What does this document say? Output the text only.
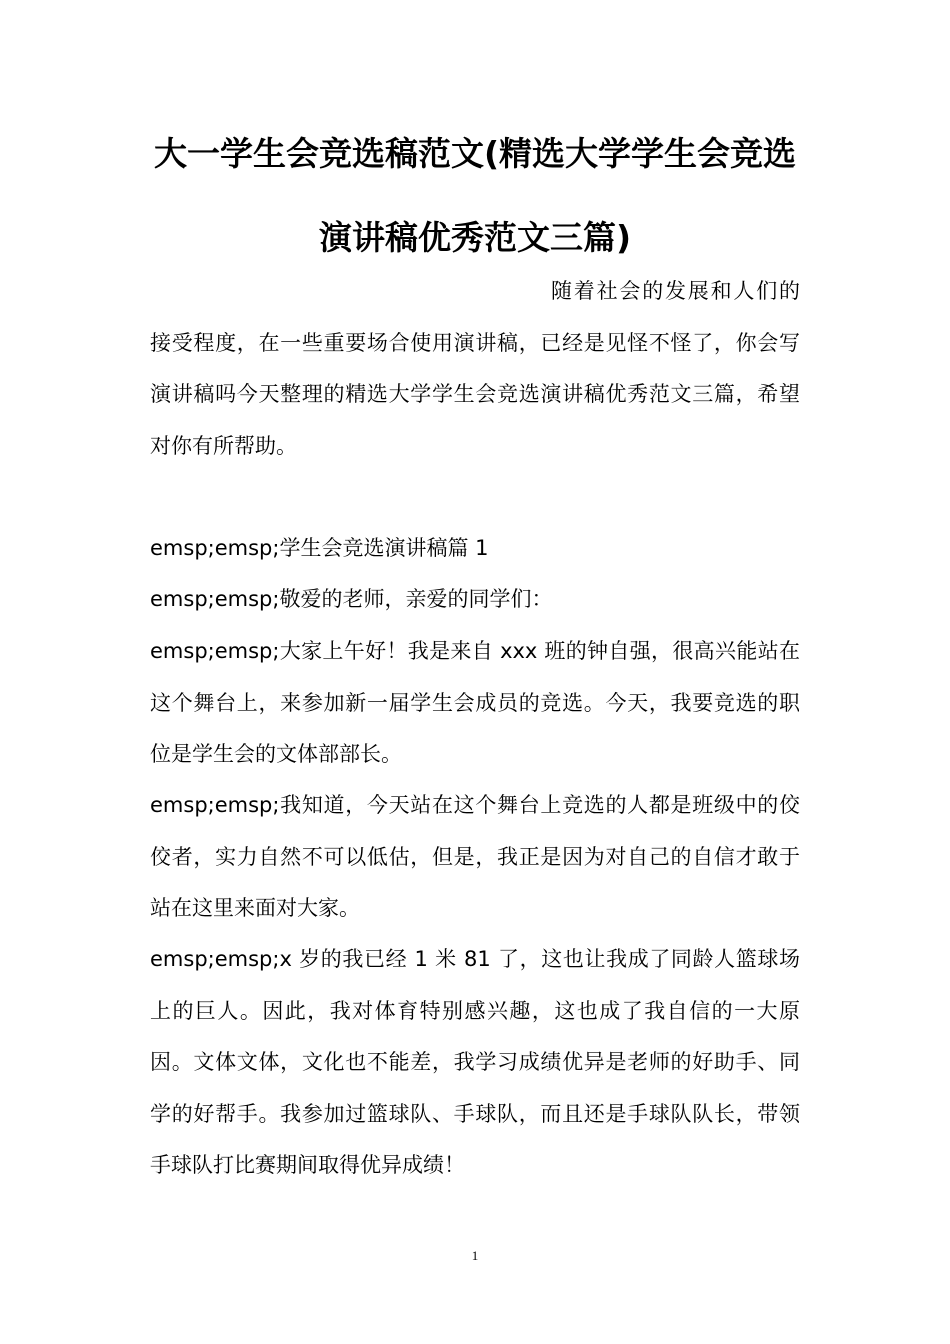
大一学生会竞选稿范文(精选大学学生会竞选演讲稿优秀范文三篇)

随着社会的发展和人们的接受程度，在一些重要场合使用演讲稿，已经是见怪不怪了，你会写演讲稿吗今天整理的精选大学学生会竞选演讲稿优秀范文三篇，希望对你有所帮助。

emsp;emsp;学生会竞选演讲稿篇 1

emsp;emsp;敬爱的老师，亲爱的同学们：

emsp;emsp;大家上午好！我是来自 xxx 班的钟自强，很高兴能站在这个舞台上，来参加新一届学生会成员的竞选。今天，我要竞选的职位是学生会的文体部部长。

emsp;emsp;我知道，今天站在这个舞台上竞选的人都是班级中的佼佼者，实力自然不可以低估，但是，我正是因为对自己的自信才敢于站在这里来面对大家。

emsp;emsp;x 岁的我已经 1 米 81 了，这也让我成了同龄人篮球场上的巨人。因此，我对体育特别感兴趣，这也成了我自信的一大原因。文体文体，文化也不能差，我学习成绩优异是老师的好助手、同学的好帮手。我参加过篮球队、手球队，而且还是手球队队长，带领手球队打比赛期间取得优异成绩！

1
